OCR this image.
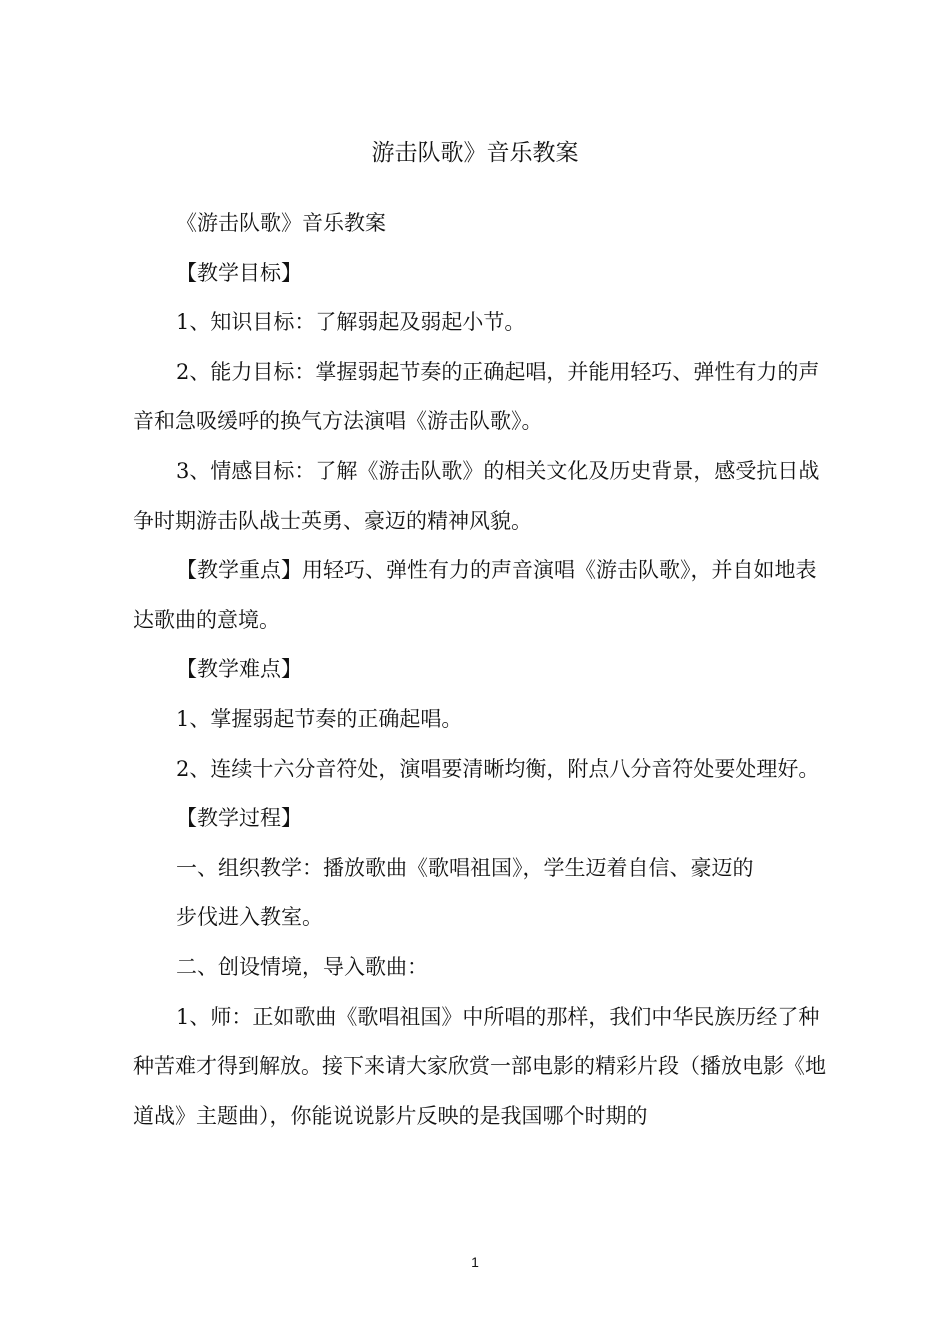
游击队歌》音乐教案

《游击队歌》音乐教案

【教学目标】

1、知识目标：了解弱起及弱起小节。

2、能力目标：掌握弱起节奏的正确起唱，并能用轻巧、弹性有力的声音和急吸缓呼的换气方法演唱《游击队歌》。

3、情感目标：了解《游击队歌》的相关文化及历史背景，感受抗日战争时期游击队战士英勇、豪迈的精神风貌。

【教学重点】用轻巧、弹性有力的声音演唱《游击队歌》，并自如地表达歌曲的意境。

【教学难点】

1、掌握弱起节奏的正确起唱。

2、连续十六分音符处，演唱要清晰均衡，附点八分音符处要处理好。

【教学过程】

一、组织教学：播放歌曲《歌唱祖国》，学生迈着自信、豪迈的

步伐进入教室。

二、创设情境，导入歌曲：

1、师：正如歌曲《歌唱祖国》中所唱的那样，我们中华民族历经了种种苦难才得到解放。接下来请大家欣赏一部电影的精彩片段（播放电影《地道战》主题曲），你能说说影片反映的是我国哪个时期的

1
